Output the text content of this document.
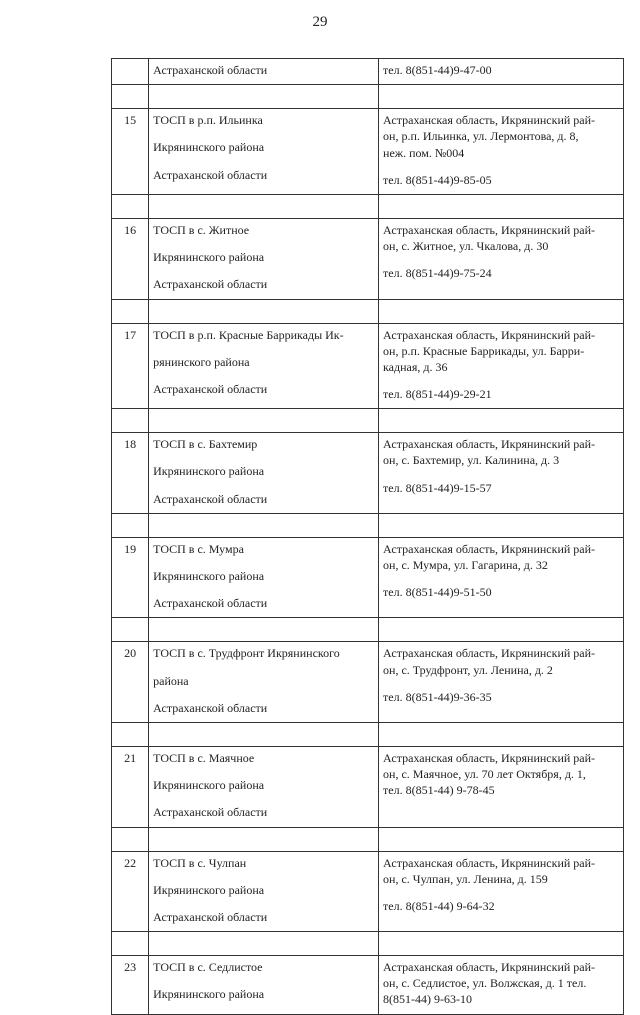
29

	Астраханской области	тел. 8(851-44)9-47-00

15	ТОСП в р.п. Ильинка
Икрянинского района
Астраханской области	Астраханская область, Икрянинский рай-
он, р.п. Ильинка, ул. Лермонтова, д. 8,
неж. пом. №004
тел. 8(851-44)9-85-05

16	ТОСП в с. Житное
Икрянинского района
Астраханской области	Астраханская область, Икрянинский рай-
он, с. Житное, ул. Чкалова, д. 30
тел. 8(851-44)9-75-24

17	ТОСП в р.п. Красные Баррикады Ик-
рянинского района
Астраханской области	Астраханская область, Икрянинский рай-
он, р.п. Красные Баррикады, ул. Барри-
кадная, д. 36
тел. 8(851-44)9-29-21

18	ТОСП в с. Бахтемир
Икрянинского района
Астраханской области	Астраханская область, Икрянинский рай-
он, с. Бахтемир, ул. Калинина, д. 3
тел. 8(851-44)9-15-57

19	ТОСП в с. Мумра
Икрянинского района
Астраханской области	Астраханская область, Икрянинский рай-
он, с. Мумра, ул. Гагарина, д. 32
тел. 8(851-44)9-51-50

20	ТОСП в с. Трудфронт Икрянинского
района
Астраханской области	Астраханская область, Икрянинский рай-
он, с. Трудфронт, ул. Ленина, д. 2
тел. 8(851-44)9-36-35

21	ТОСП в с. Маячное
Икрянинского района
Астраханской области	Астраханская область, Икрянинский рай-
он, с. Маячное, ул. 70 лет Октября, д. 1,
тел. 8(851-44) 9-78-45

22	ТОСП в с. Чулпан
Икрянинского района
Астраханской области	Астраханская область, Икрянинский рай-
он, с. Чулпан, ул. Ленина, д. 159
тел. 8(851-44) 9-64-32

23	ТОСП в с. Седлистое
Икрянинского района	Астраханская область, Икрянинский рай-
он, с. Седлистое, ул. Волжская, д. 1 тел.
8(851-44) 9-63-10
